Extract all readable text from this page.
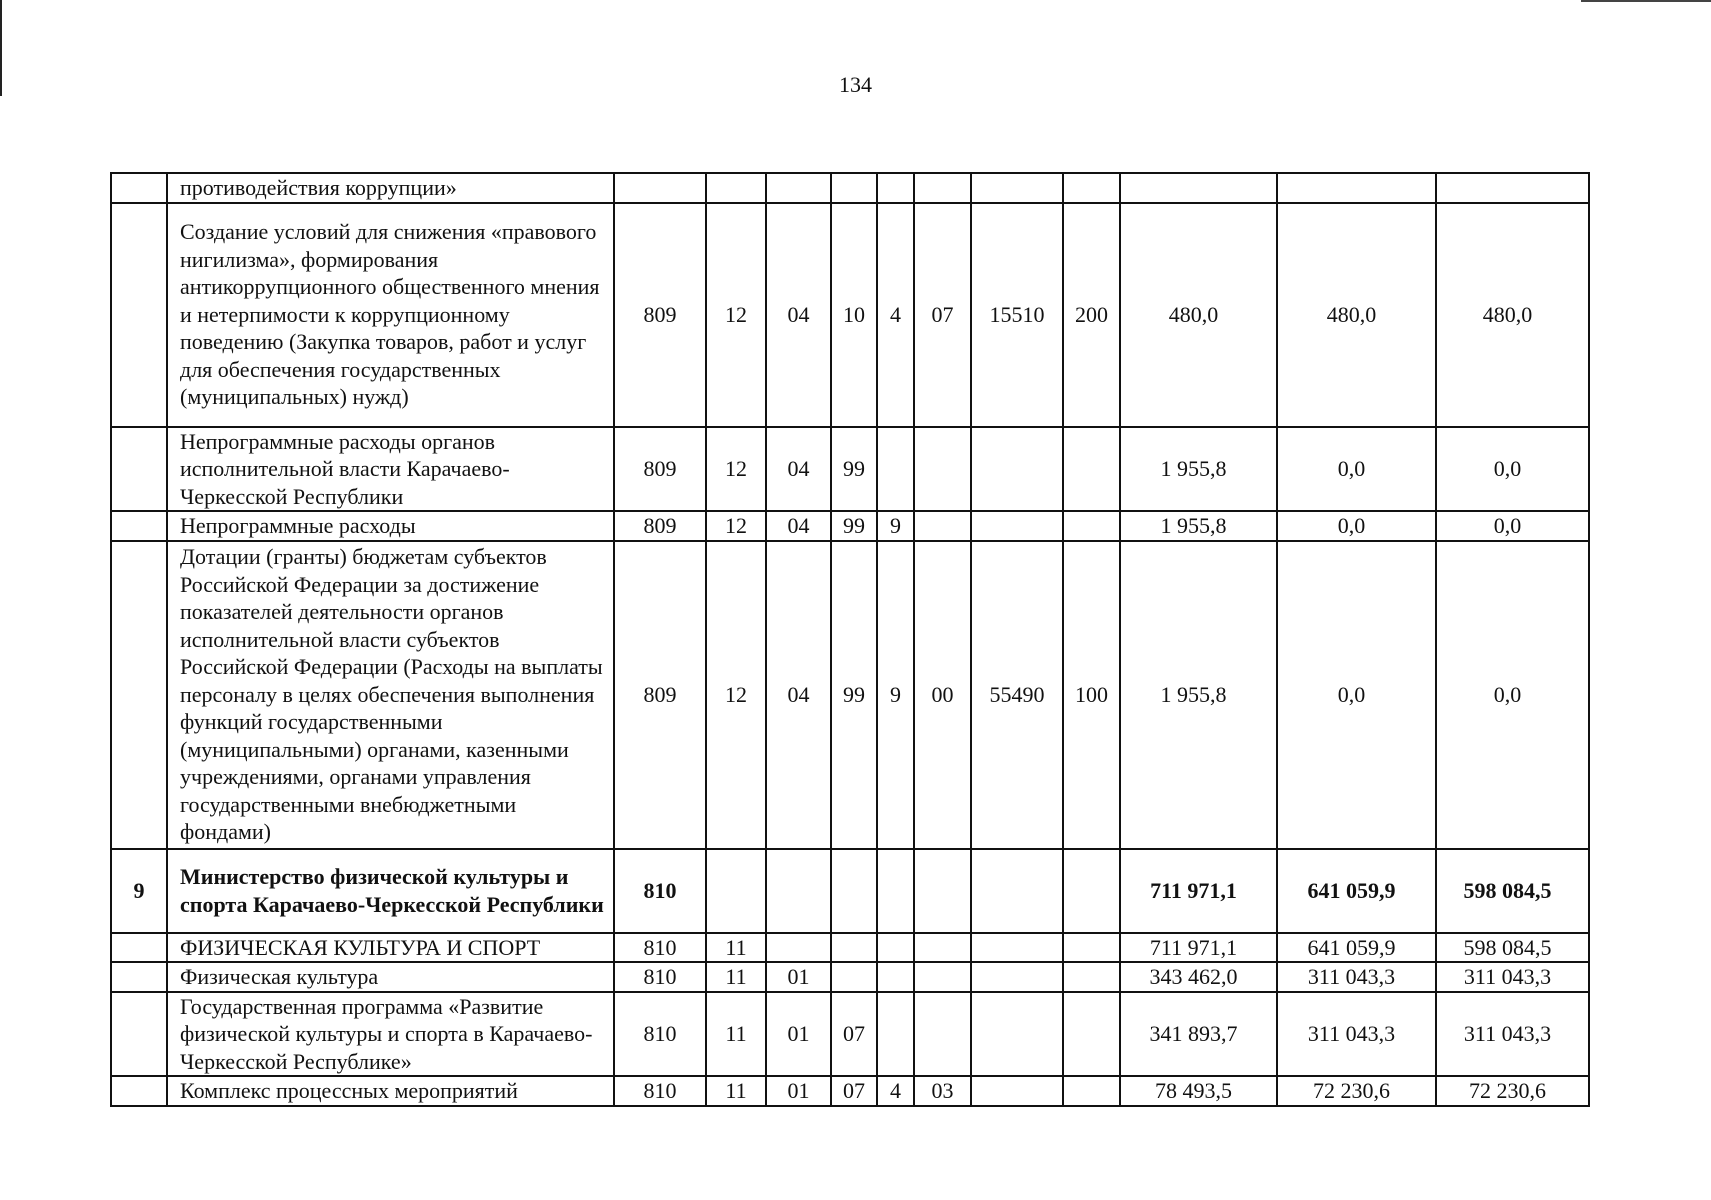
134
	противодействия коррупции»											
	Создание условий для снижения «правового нигилизма», формирования антикоррупционного общественного мнения и нетерпимости к коррупционному поведению (Закупка товаров, работ и услуг для обеспечения государственных (муниципальных) нужд)	809	12	04	10	4	07	15510	200	480,0	480,0	480,0
	Непрограммные расходы органов исполнительной власти Карачаево-Черкесской Республики	809	12	04	99					1 955,8	0,0	0,0
	Непрограммные расходы	809	12	04	99	9				1 955,8	0,0	0,0
	Дотации (гранты) бюджетам субъектов Российской Федерации за достижение показателей деятельности органов исполнительной власти субъектов Российской Федерации (Расходы на выплаты персоналу в целях обеспечения выполнения функций государственными (муниципальными) органами, казенными учреждениями, органами управления государственными внебюджетными фондами)	809	12	04	99	9	00	55490	100	1 955,8	0,0	0,0
9	Министерство физической культуры и спорта Карачаево-Черкесской Республики	810								711 971,1	641 059,9	598 084,5
	ФИЗИЧЕСКАЯ КУЛЬТУРА И СПОРТ	810	11							711 971,1	641 059,9	598 084,5
	Физическая культура	810	11	01						343 462,0	311 043,3	311 043,3
	Государственная программа «Развитие физической культуры и спорта в Карачаево-Черкесской Республике»	810	11	01	07					341 893,7	311 043,3	311 043,3
	Комплекс процессных мероприятий	810	11	01	07	4	03			78 493,5	72 230,6	72 230,6
